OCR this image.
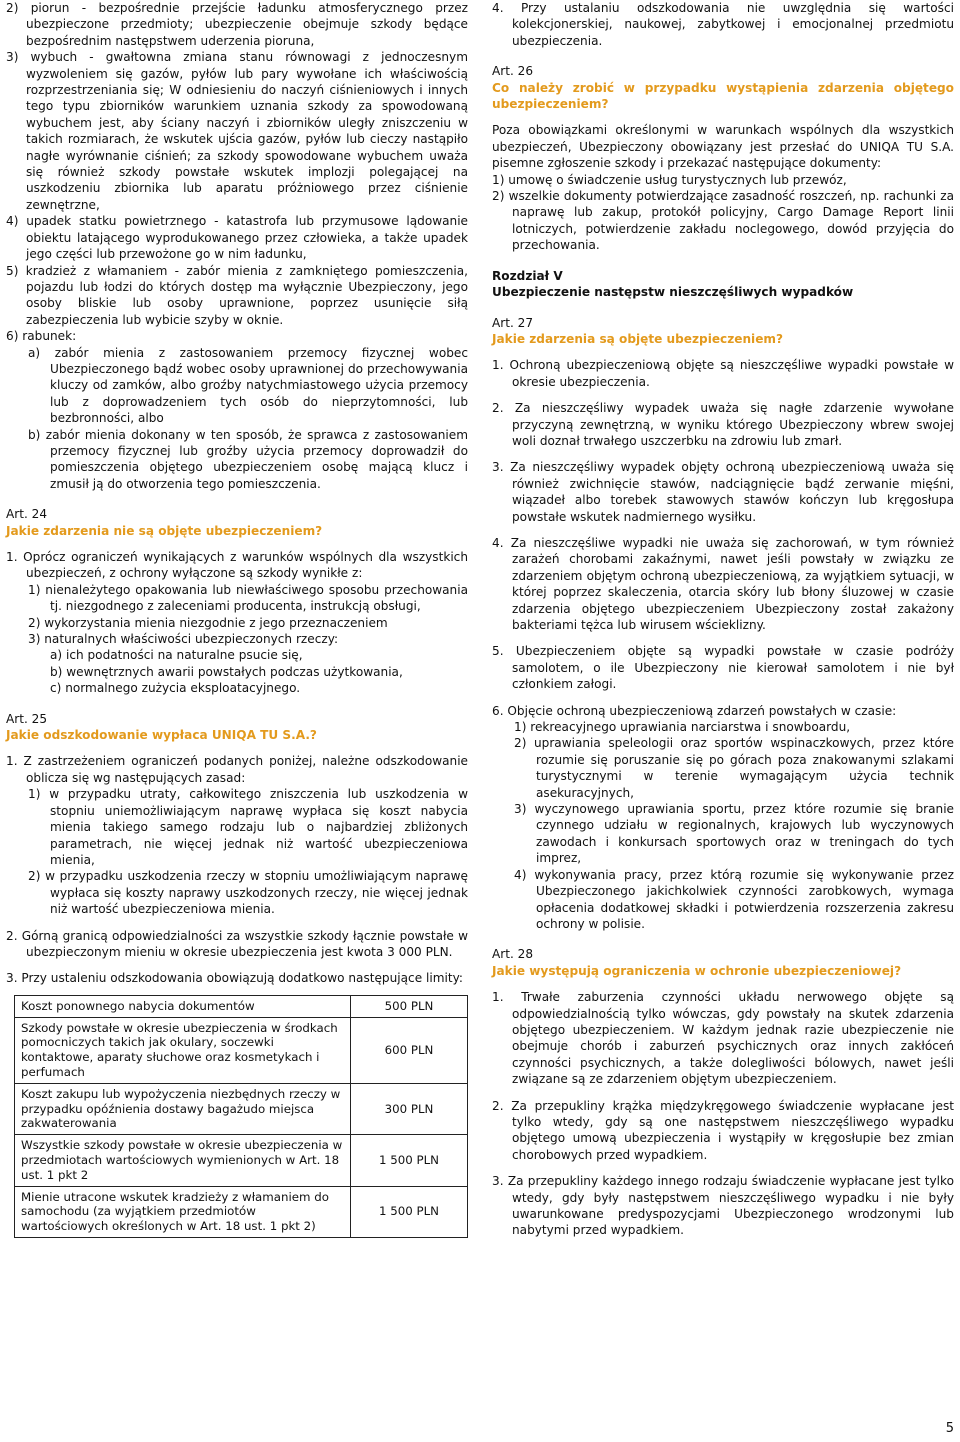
2) piorun - bezpośrednie przejście ładunku atmosferycznego przez ubezpieczone przedmioty; ubezpieczenie obejmuje szkody będące bezpośrednim następstwem uderzenia pioruna,

3) wybuch - gwałtowna zmiana stanu równowagi z jednoczesnym wyzwoleniem się gazów, pyłów lub pary wywołane ich właściwością rozprzestrzeniania się; W odniesieniu do naczyń ciśnieniowych i innych tego typu zbiorników warunkiem uznania szkody za spowodowaną wybuchem jest, aby ściany naczyń i zbiorników uległy zniszczeniu w takich rozmiarach, że wskutek ujścia gazów, pyłów lub cieczy nastąpiło nagłe wyrównanie ciśnień; za szkody spowodowane wybuchem uważa się również szkody powstałe wskutek implozji polegającej na uszkodzeniu zbiornika lub aparatu próżniowego przez ciśnienie zewnętrzne,

4) upadek statku powietrznego - katastrofa lub przymusowe lądowanie obiektu latającego wyprodukowanego przez człowieka, a także upadek jego części lub przewożone go w nim ładunku,

5) kradzież z włamaniem - zabór mienia z zamkniętego pomieszczenia, pojazdu lub łodzi do których dostęp ma wyłącznie Ubezpieczony, jego osoby bliskie lub osoby uprawnione, poprzez usunięcie siłą zabezpieczenia lub wybicie szyby w oknie.

6) rabunek:

a) zabór mienia z zastosowaniem przemocy fizycznej wobec Ubezpieczonego bądź wobec osoby uprawnionej do przechowywania kluczy od zamków, albo groźby natychmiastowego użycia przemocy lub z doprowadzeniem tych osób do nieprzytomności, lub bezbronności, albo

b) zabór mienia dokonany w ten sposób, że sprawca z zastosowaniem przemocy fizycznej lub groźby użycia przemocy doprowadził do pomieszczenia objętego ubezpieczeniem osobę mającą klucz i zmusił ją do otworzenia tego pomieszczenia.

Art. 24

Jakie zdarzenia nie są objęte ubezpieczeniem?

1. Oprócz ograniczeń wynikających z warunków wspólnych dla wszystkich ubezpieczeń, z ochrony wyłączone są szkody wynikłe z:

1) nienależytego opakowania lub niewłaściwego sposobu przechowania tj. niezgodnego z zaleceniami producenta, instrukcją obsługi,

2) wykorzystania mienia niezgodnie z jego przeznaczeniem

3) naturalnych właściwości ubezpieczonych rzeczy:

a) ich podatności na naturalne psucie się,

b) wewnętrznych awarii powstałych podczas użytkowania,

c) normalnego zużycia eksploatacyjnego.

Art. 25

Jakie odszkodowanie wypłaca UNIQA TU S.A.?

1. Z zastrzeżeniem ograniczeń podanych poniżej, należne odszkodowanie oblicza się wg następujących zasad:

1) w przypadku utraty, całkowitego zniszczenia lub uszkodzenia w stopniu uniemożliwiającym naprawę wypłaca się koszt nabycia mienia takiego samego rodzaju lub o najbardziej zbliżonych parametrach, nie więcej jednak niż wartość ubezpieczeniowa mienia,

2) w przypadku uszkodzenia rzeczy w stopniu umożliwiającym naprawę wypłaca się koszty naprawy uszkodzonych rzeczy, nie więcej jednak niż wartość ubezpieczeniowa mienia.

2. Górną granicą odpowiedzialności za wszystkie szkody łącznie powstałe w ubezpieczonym mieniu w okresie ubezpieczenia jest kwota 3 000 PLN.

3. Przy ustaleniu odszkodowania obowiązują dodatkowo następujące limity:

Koszt ponownego nabycia dokumentów	500 PLN
Szkody powstałe w okresie ubezpieczenia w środkach pomocniczych takich jak okulary, soczewki kontaktowe, aparaty słuchowe oraz kosmetykach i perfumach	600 PLN
Koszt zakupu lub wypożyczenia niezbędnych rzeczy w przypadku opóźnienia dostawy bagażudo miejsca zakwaterowania	300 PLN
Wszystkie szkody powstałe w okresie ubezpieczenia w przedmiotach wartościowych wymienionych w Art. 18 ust. 1 pkt 2	1 500 PLN
Mienie utracone wskutek kradzieży z włamaniem do samochodu (za wyjątkiem przedmiotów wartościowych określonych w Art. 18 ust. 1 pkt 2)	1 500 PLN

4. Przy ustalaniu odszkodowania nie uwzględnia się wartości kolekcjonerskiej, naukowej, zabytkowej i emocjonalnej przedmiotu ubezpieczenia.

Art. 26

Co należy zrobić w przypadku wystąpienia zdarzenia objętego ubezpieczeniem?

Poza obowiązkami określonymi w warunkach wspólnych dla wszystkich ubezpieczeń, Ubezpieczony obowiązany jest przesłać do UNIQA TU S.A. pisemne zgłoszenie szkody i przekazać następujące dokumenty:

1) umowę o świadczenie usług turystycznych lub przewóz,

2) wszelkie dokumenty potwierdzające zasadność roszczeń, np. rachunki za naprawę lub zakup, protokół policyjny, Cargo Damage Report linii lotniczych, potwierdzenie zakładu noclegowego, dowód przyjęcia do przechowania.

Rozdział V

Ubezpieczenie następstw nieszczęśliwych wypadków

Art. 27

Jakie zdarzenia są objęte ubezpieczeniem?

1. Ochroną ubezpieczeniową objęte są nieszczęśliwe wypadki powstałe w okresie ubezpieczenia.

2. Za nieszczęśliwy wypadek uważa się nagłe zdarzenie wywołane przyczyną zewnętrzną, w wyniku którego Ubezpieczony wbrew swojej woli doznał trwałego uszczerbku na zdrowiu lub zmarł.

3. Za nieszczęśliwy wypadek objęty ochroną ubezpieczeniową uważa się również zwichnięcie stawów, nadciągnięcie bądź zerwanie mięśni, wiązadeł albo torebek stawowych stawów kończyn lub kręgosłupa powstałe wskutek nadmiernego wysiłku.

4. Za nieszczęśliwe wypadki nie uważa się zachorowań, w tym również zarażeń chorobami zakaźnymi, nawet jeśli powstały w związku ze zdarzeniem objętym ochroną ubezpieczeniową, za wyjątkiem sytuacji, w której poprzez skaleczenia, otarcia skóry lub błony śluzowej w czasie zdarzenia objętego ubezpieczeniem Ubezpieczony został zakażony bakteriami tężca lub wirusem wścieklizny.

5. Ubezpieczeniem objęte są wypadki powstałe w czasie podróży samolotem, o ile Ubezpieczony nie kierował samolotem i nie był członkiem załogi.

6. Objęcie ochroną ubezpieczeniową zdarzeń powstałych w czasie:

1) rekreacyjnego uprawiania narciarstwa i snowboardu,

2) uprawiania speleologii oraz sportów wspinaczkowych, przez które rozumie się poruszanie się po górach poza znakowanymi szlakami turystycznymi w terenie wymagającym użycia technik asekuracyjnych,

3) wyczynowego uprawiania sportu, przez które rozumie się branie czynnego udziału w regionalnych, krajowych lub wyczynowych zawodach i konkursach sportowych oraz w treningach do tych imprez,

4) wykonywania pracy, przez którą rozumie się wykonywanie przez Ubezpieczonego jakichkolwiek czynności zarobkowych, wymaga opłacenia dodatkowej składki i potwierdzenia rozszerzenia zakresu ochrony w polisie.

Art. 28

Jakie występują ograniczenia w ochronie ubezpieczeniowej?

1. Trwałe zaburzenia czynności układu nerwowego objęte są odpowiedzialnością tylko wówczas, gdy powstały na skutek zdarzenia objętego ubezpieczeniem. W każdym jednak razie ubezpieczenie nie obejmuje chorób i zaburzeń psychicznych oraz innych zakłóceń czynności psychicznych, a także dolegliwości bólowych, nawet jeśli związane są ze zdarzeniem objętym ubezpieczeniem.

2. Za przepukliny krążka międzykręgowego świadczenie wypłacane jest tylko wtedy, gdy są one następstwem nieszczęśliwego wypadku objętego umową ubezpieczenia i wystąpiły w kręgosłupie bez zmian chorobowych przed wypadkiem.

3. Za przepukliny każdego innego rodzaju świadczenie wypłacane jest tylko wtedy, gdy były następstwem nieszczęśliwego wypadku i nie były uwarunkowane predyspozycjami Ubezpieczonego wrodzonymi lub nabytymi przed wypadkiem.

5
